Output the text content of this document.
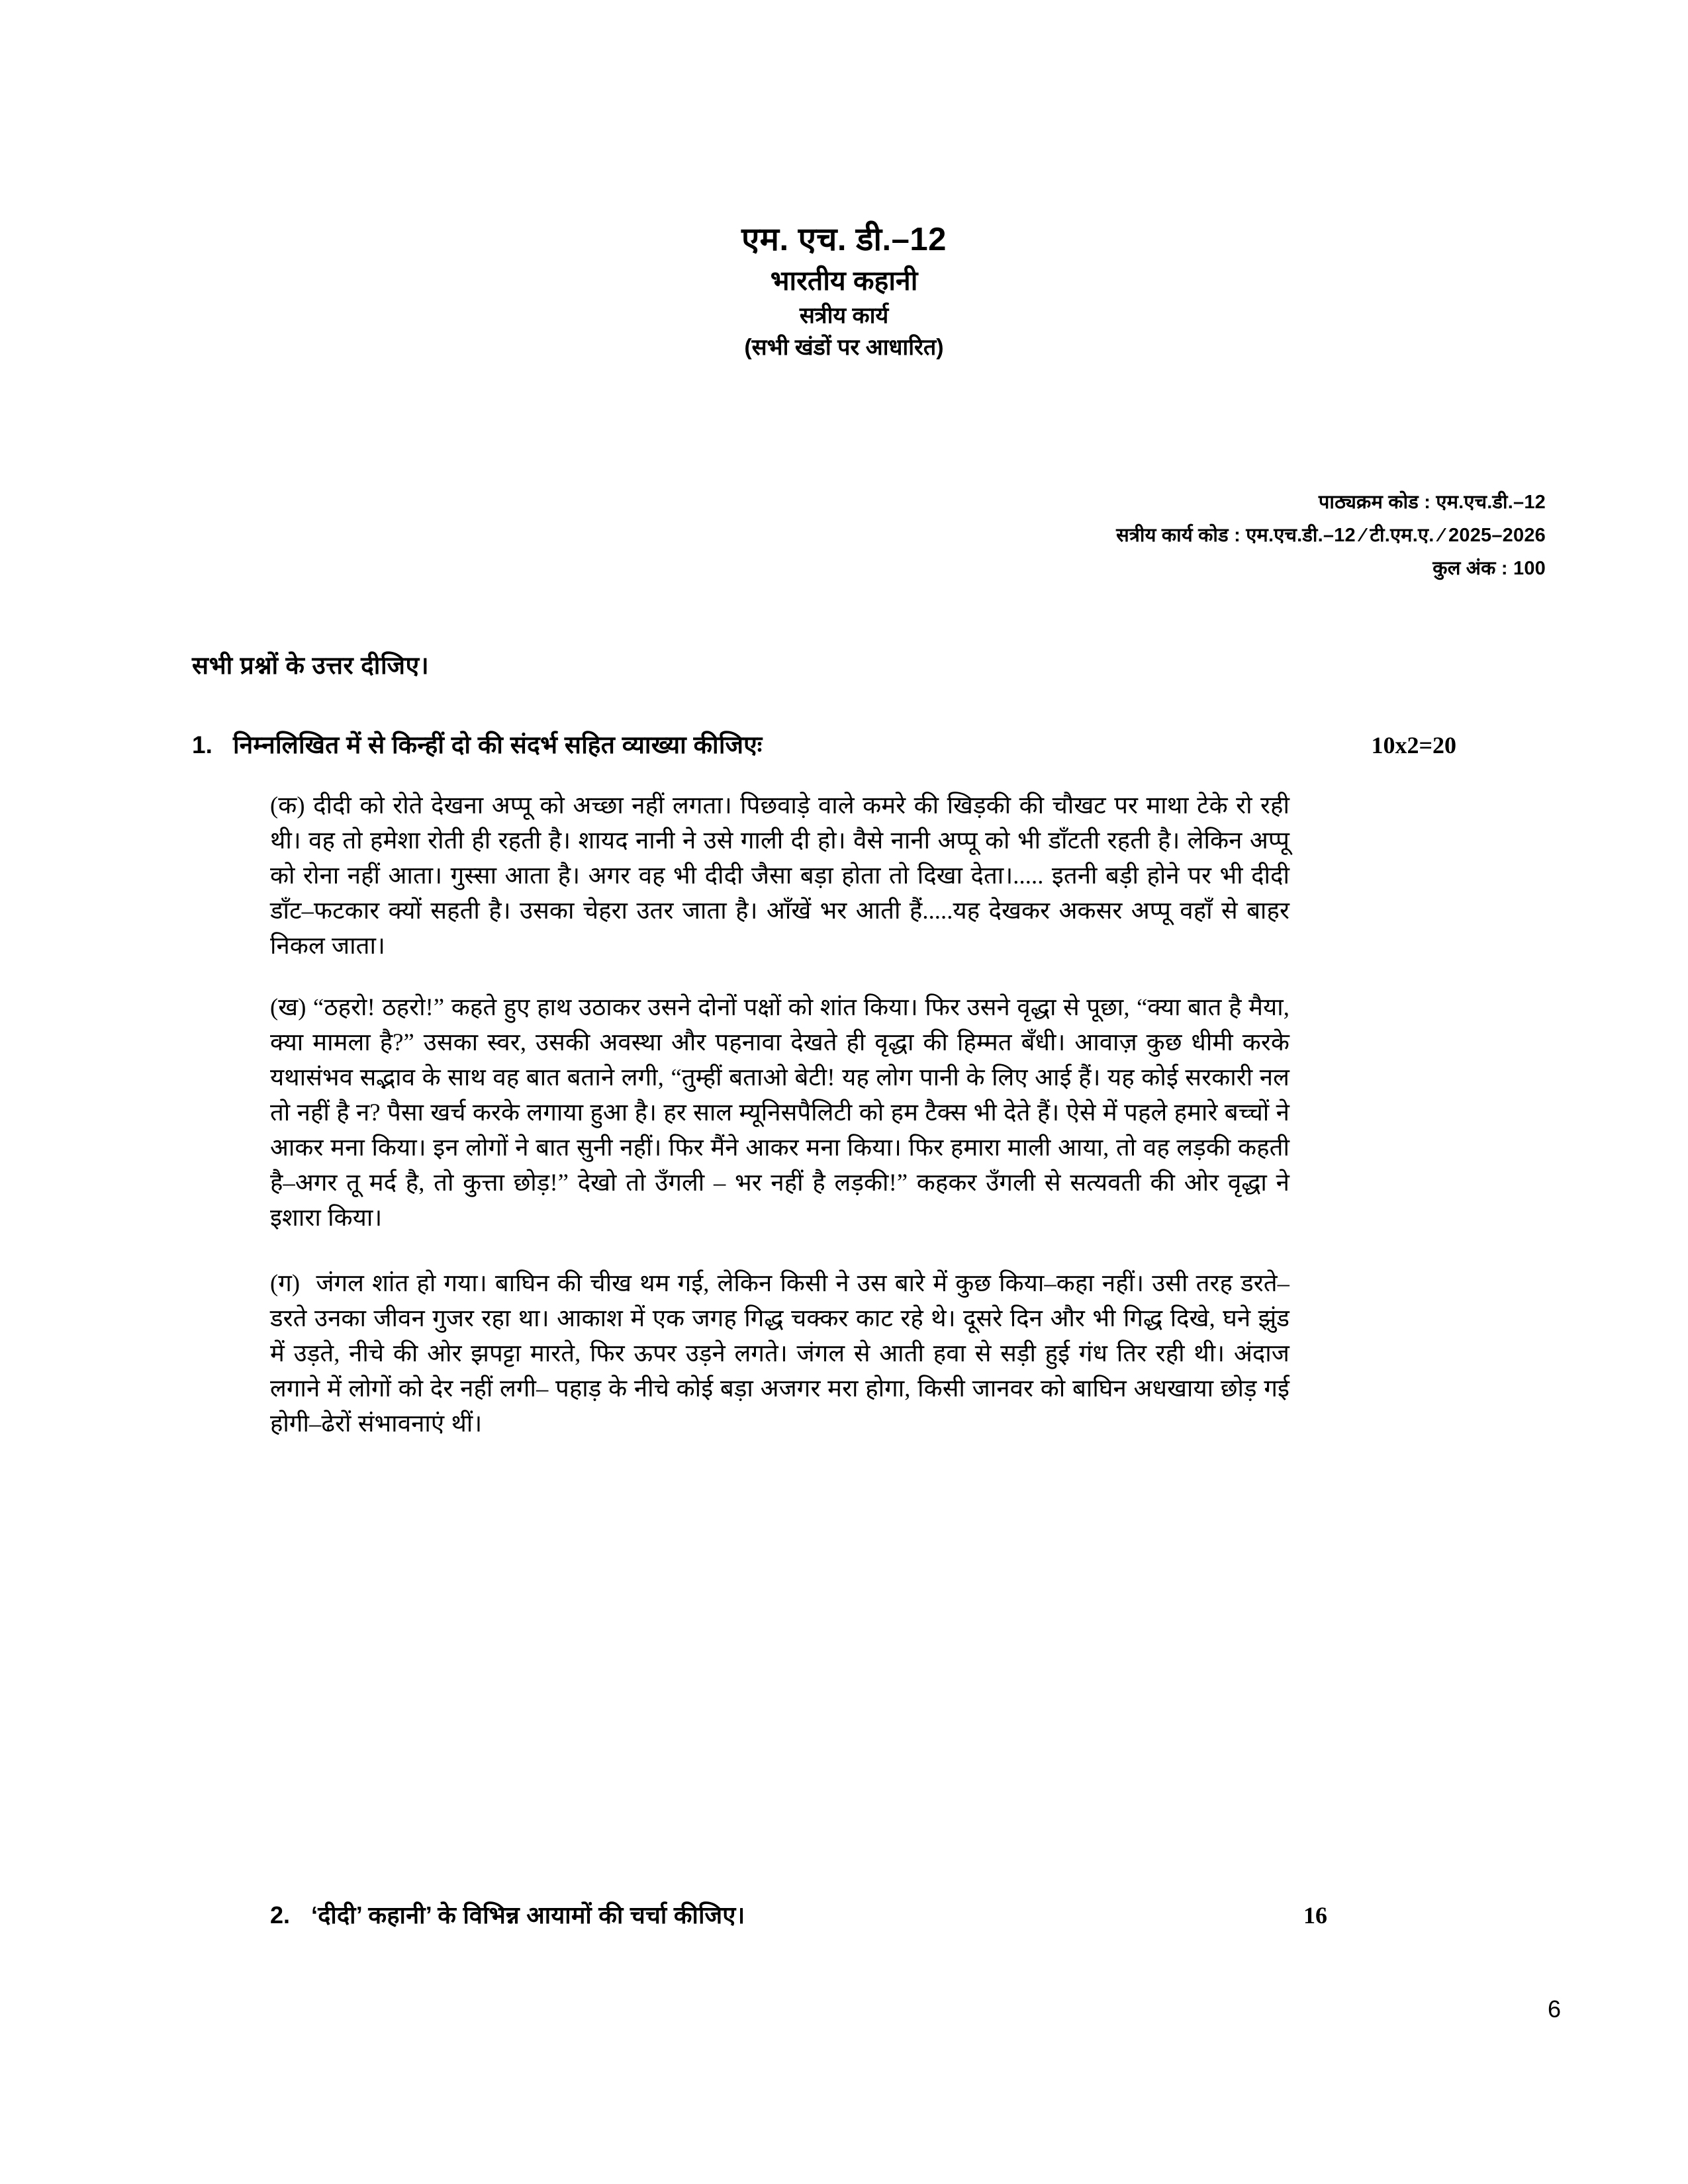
एम. एच. डी.–12
भारतीय कहानी
सत्रीय कार्य
(सभी खंडों पर आधारित)
पाठ्यक्रम कोड : एम.एच.डी.–12
सत्रीय कार्य कोड : एम.एच.डी.–12 ⁄ टी.एम.ए. ⁄ 2025–2026
कुल अंक : 100
सभी प्रश्नों के उत्तर दीजिए।
1. निम्नलिखित में से किन्हीं दो की संदर्भ सहित व्याख्या कीजिएः	10x2=20

(क) दीदी को रोते देखना अप्पू को अच्छा नहीं लगता। पिछवाड़े वाले कमरे की खिड़की की चौखट पर माथा टेके रो रही थी। वह तो हमेशा रोती ही रहती है। शायद नानी ने उसे गाली दी हो। वैसे नानी अप्पू को भी डाँटती रहती है। लेकिन अप्पू को रोना नहीं आता। गुस्सा आता है। अगर वह भी दीदी जैसा बड़ा होता तो दिखा देता।..... इतनी बड़ी होने पर भी दीदी डाँट–फटकार क्यों सहती है। उसका चेहरा उतर जाता है। आँखें भर आती हैं.....यह देखकर अकसर अप्पू वहाँ से बाहर निकल जाता।

(ख) “ठहरो! ठहरो!” कहते हुए हाथ उठाकर उसने दोनों पक्षों को शांत किया। फिर उसने वृद्धा से पूछा, “क्या बात है मैया, क्या मामला है?” उसका स्वर, उसकी अवस्था और पहनावा देखते ही वृद्धा की हिम्मत बँधी। आवाज़ कुछ धीमी करके यथासंभव सद्भाव के साथ वह बात बताने लगी, “तुम्हीं बताओ बेटी! यह लोग पानी के लिए आई हैं। यह कोई सरकारी नल तो नहीं है न? पैसा खर्च करके लगाया हुआ है। हर साल म्यूनिसपैलिटी को हम टैक्स भी देते हैं। ऐसे में पहले हमारे बच्चों ने आकर मना किया। इन लोगों ने बात सुनी नहीं। फिर मैंने आकर मना किया। फिर हमारा माली आया, तो वह लड़की कहती है–अगर तू मर्द है, तो कुत्ता छोड़!” देखो तो उँगली – भर नहीं है लड़की!” कहकर उँगली से सत्यवती की ओर वृद्धा ने इशारा किया।

(ग) जंगल शांत हो गया। बाघिन की चीख थम गई, लेकिन किसी ने उस बारे में कुछ किया–कहा नहीं। उसी तरह डरते–डरते उनका जीवन गुजर रहा था। आकाश में एक जगह गिद्ध चक्कर काट रहे थे। दूसरे दिन और भी गिद्ध दिखे, घने झुंड में उड़ते, नीचे की ओर झपट्टा मारते, फिर ऊपर उड़ने लगते। जंगल से आती हवा से सड़ी हुई गंध तिर रही थी। अंदाज लगाने में लोगों को देर नहीं लगी– पहाड़ के नीचे कोई बड़ा अजगर मरा होगा, किसी जानवर को बाघिन अधखाया छोड़ गई होगी–ढेरों संभावनाएं थीं।

2. ‘दीदी’ कहानी’ के विभिन्न आयामों की चर्चा कीजिए।	16
6
